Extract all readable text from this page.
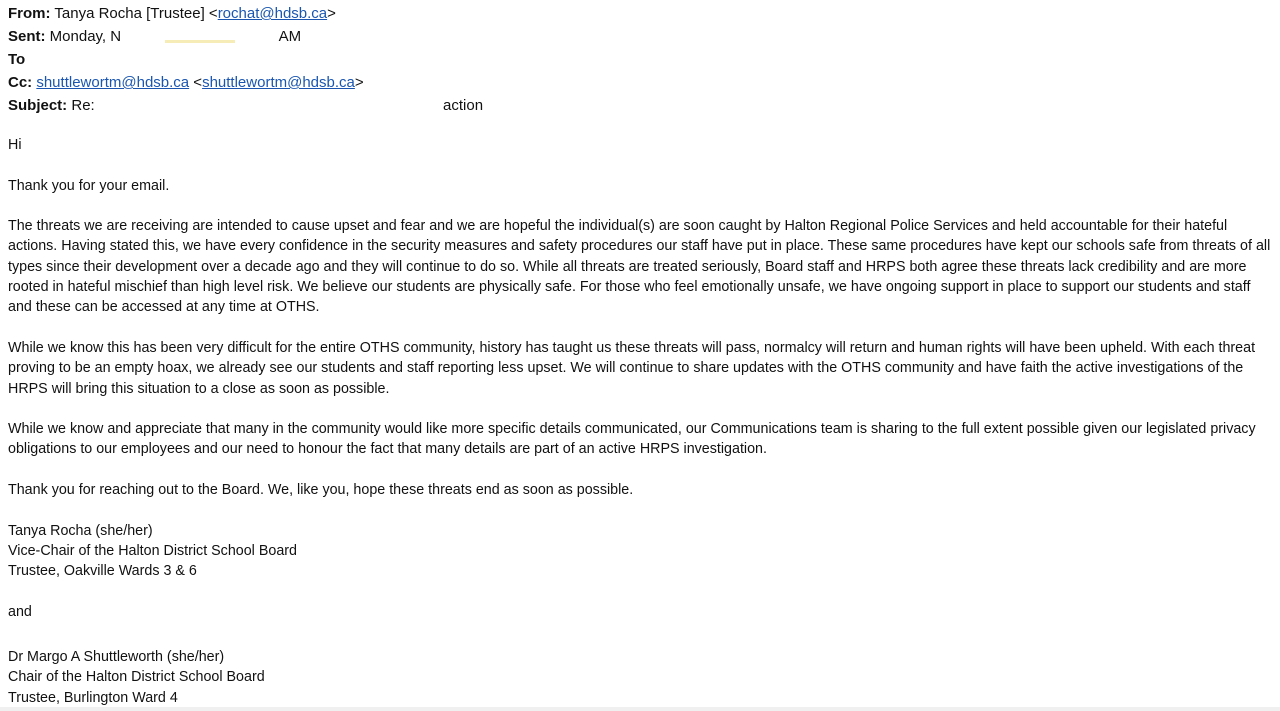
From: Tanya Rocha [Trustee] <rochat@hdsb.ca>
Sent: Monday, N	AM
To
Cc: shuttlewortm@hdsb.ca <shuttlewortm@hdsb.ca>
Subject: Re:	action

Hi

Thank you for your email.

The threats we are receiving are intended to cause upset and fear and we are hopeful the individual(s) are soon caught by Halton Regional Police Services and held accountable for their hateful actions. Having stated this, we have every confidence in the security measures and safety procedures our staff have put in place. These same procedures have kept our schools safe from threats of all types since their development over a decade ago and they will continue to do so. While all threats are treated seriously, Board staff and HRPS both agree these threats lack credibility and are more rooted in hateful mischief than high level risk. We believe our students are physically safe. For those who feel emotionally unsafe, we have ongoing support in place to support our students and staff and these can be accessed at any time at OTHS.

While we know this has been very difficult for the entire OTHS community, history has taught us these threats will pass, normalcy will return and human rights will have been upheld. With each threat proving to be an empty hoax, we already see our students and staff reporting less upset. We will continue to share updates with the OTHS community and have faith the active investigations of the HRPS will bring this situation to a close as soon as possible.

While we know and appreciate that many in the community would like more specific details communicated, our Communications team is sharing to the full extent possible given our legislated privacy obligations to our employees and our need to honour the fact that many details are part of an active HRPS investigation.

Thank you for reaching out to the Board. We, like you, hope these threats end as soon as possible.

Tanya Rocha (she/her)

Vice-Chair of the Halton District School Board

Trustee, Oakville Wards 3 & 6

and

Dr Margo A Shuttleworth (she/her)

Chair of the Halton District School Board

Trustee, Burlington Ward 4
